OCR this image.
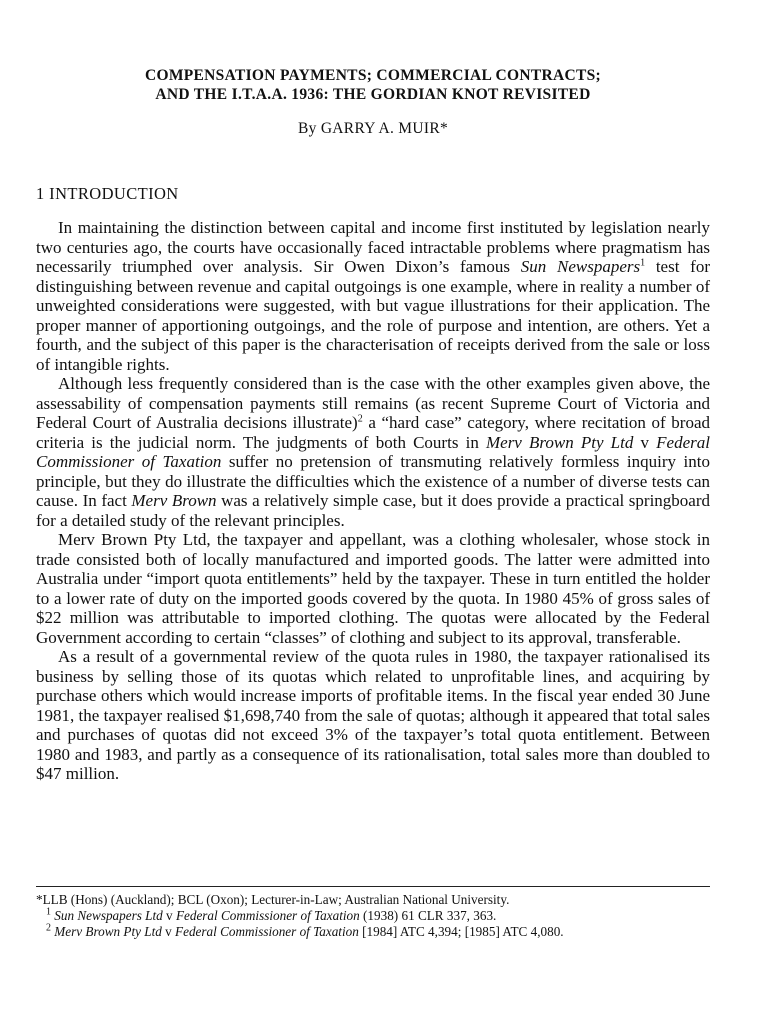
COMPENSATION PAYMENTS; COMMERCIAL CONTRACTS;
AND THE I.T.A.A. 1936: THE GORDIAN KNOT REVISITED
By GARRY A. MUIR*
1 INTRODUCTION

In maintaining the distinction between capital and income first instituted by legislation nearly two centuries ago, the courts have occasionally faced intractable problems where pragmatism has necessarily triumphed over analysis. Sir Owen Dixon’s famous Sun Newspapers$^1$ test for distinguishing between revenue and capital outgoings is one example, where in reality a number of unweighted considerations were suggested, with but vague illustrations for their application. The proper manner of apportioning outgoings, and the role of purpose and intention, are others. Yet a fourth, and the subject of this paper is the characterisation of receipts derived from the sale or loss of intangible rights.

Although less frequently considered than is the case with the other examples given above, the assessability of compensation payments still remains (as recent Supreme Court of Victoria and Federal Court of Australia decisions illustrate)$^2$ a “hard case” category, where recitation of broad criteria is the judicial norm. The judgments of both Courts in Merv Brown Pty Ltd v Federal Commissioner of Taxation suffer no pretension of transmuting relatively formless inquiry into principle, but they do illustrate the difficulties which the existence of a number of diverse tests can cause. In fact Merv Brown was a relatively simple case, but it does provide a practical springboard for a detailed study of the relevant principles.

Merv Brown Pty Ltd, the taxpayer and appellant, was a clothing wholesaler, whose stock in trade consisted both of locally manufactured and imported goods. The latter were admitted into Australia under “import quota entitlements” held by the taxpayer. These in turn entitled the holder to a lower rate of duty on the imported goods covered by the quota. In 1980 45% of gross sales of $22 million was attributable to imported clothing. The quotas were allocated by the Federal Government according to certain “classes” of clothing and subject to its approval, transferable.

As a result of a governmental review of the quota rules in 1980, the taxpayer rationalised its business by selling those of its quotas which related to unprofitable lines, and acquiring by purchase others which would increase imports of profitable items. In the fiscal year ended 30 June 1981, the taxpayer realised $1,698,740 from the sale of quotas; although it appeared that total sales and purchases of quotas did not exceed 3% of the taxpayer’s total quota entitlement. Between 1980 and 1983, and partly as a consequence of its rationalisation, total sales more than doubled to $47 million.

*LLB (Hons) (Auckland); BCL (Oxon); Lecturer-in-Law; Australian National University.

$^1$ Sun Newspapers Ltd v Federal Commissioner of Taxation (1938) 61 CLR 337, 363.

$^2$ Merv Brown Pty Ltd v Federal Commissioner of Taxation [1984] ATC 4,394; [1985] ATC 4,080.
